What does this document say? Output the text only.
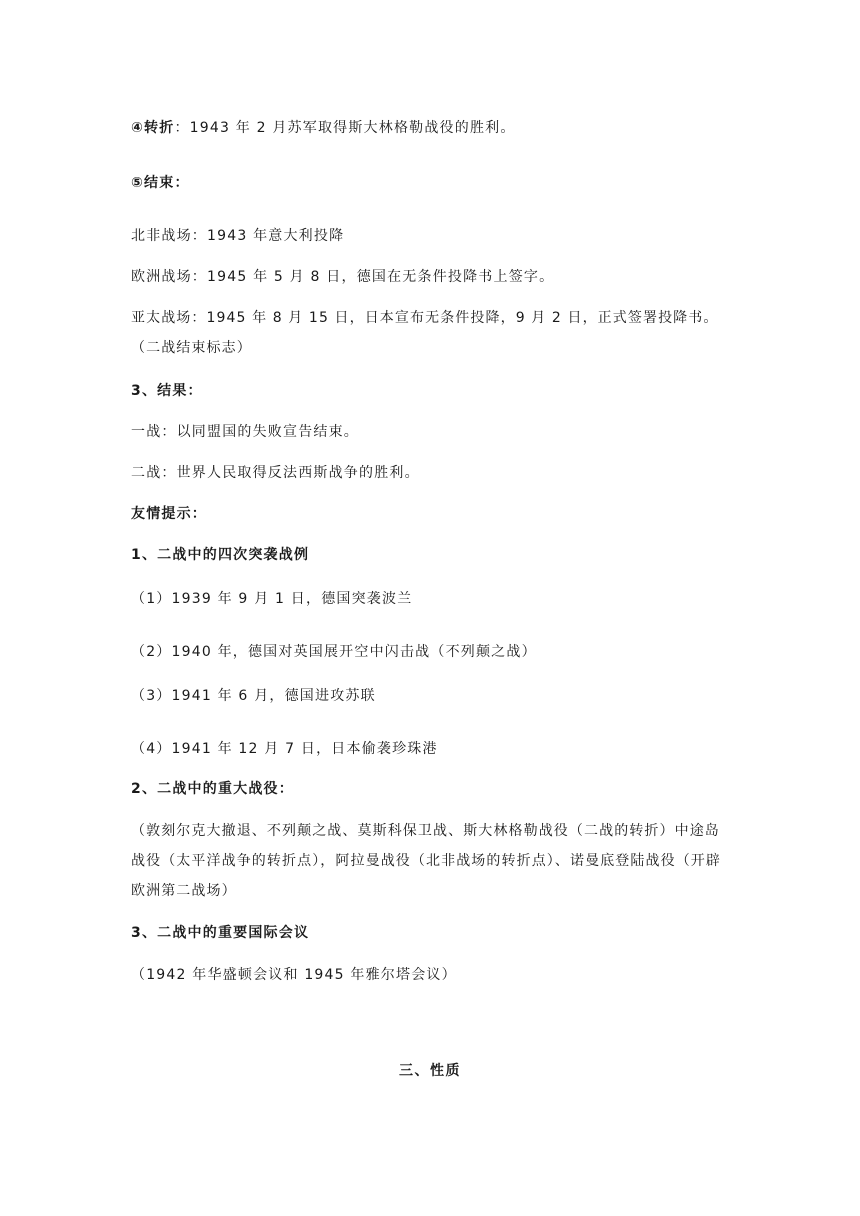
④转折：1943 年 2 月苏军取得斯大林格勒战役的胜利。
⑤结束：
北非战场：1943 年意大利投降
欧洲战场：1945 年 5 月 8 日，德国在无条件投降书上签字。
亚太战场：1945 年 8 月 15 日，日本宣布无条件投降，9 月 2 日，正式签署投降书。（二战结束标志）
3、结果：
一战：以同盟国的失败宣告结束。
二战：世界人民取得反法西斯战争的胜利。
友情提示：
1、二战中的四次突袭战例
（1）1939 年 9 月 1 日，德国突袭波兰
（2）1940 年，德国对英国展开空中闪击战（不列颠之战）
（3）1941 年 6 月，德国进攻苏联
（4）1941 年 12 月 7 日，日本偷袭珍珠港
2、二战中的重大战役：
（敦刻尔克大撤退、不列颠之战、莫斯科保卫战、斯大林格勒战役（二战的转折）中途岛战役（太平洋战争的转折点），阿拉曼战役（北非战场的转折点）、诺曼底登陆战役（开辟欧洲第二战场）
3、二战中的重要国际会议
（1942 年华盛顿会议和 1945 年雅尔塔会议）
三、性质
